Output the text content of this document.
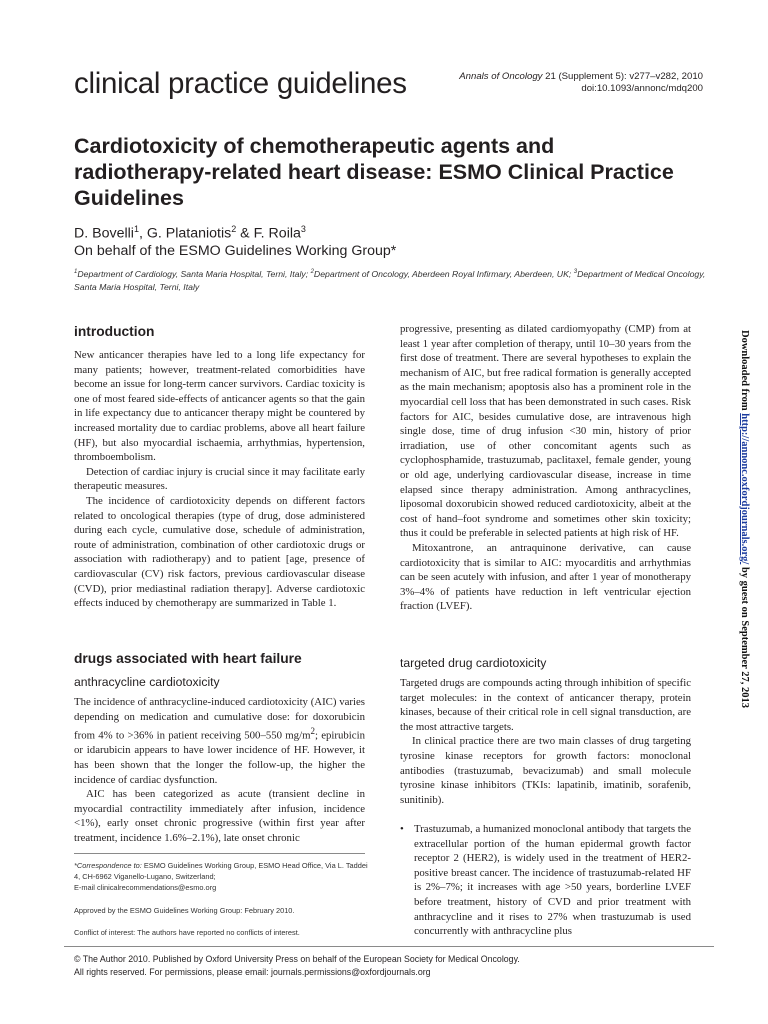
clinical practice guidelines	Annals of Oncology 21 (Supplement 5): v277–v282, 2010
doi:10.1093/annonc/mdq200
Cardiotoxicity of chemotherapeutic agents and radiotherapy-related heart disease: ESMO Clinical Practice Guidelines
D. Bovelli$^1$, G. Plataniotis$^2$ & F. Roila$^3$
On behalf of the ESMO Guidelines Working Group*
$^1$Department of Cardiology, Santa Maria Hospital, Terni, Italy; $^2$Department of Oncology, Aberdeen Royal Infirmary, Aberdeen, UK; $^3$Department of Medical Oncology, Santa Maria Hospital, Terni, Italy
introduction

New anticancer therapies have led to a long life expectancy for many patients; however, treatment-related comorbidities have become an issue for long-term cancer survivors. Cardiac toxicity is one of most feared side-effects of anticancer agents so that the gain in life expectancy due to anticancer therapy might be countered by increased mortality due to cardiac problems, above all heart failure (HF), but also myocardial ischaemia, arrhythmias, hypertension, thromboembolism.

Detection of cardiac injury is crucial since it may facilitate early therapeutic measures.

The incidence of cardiotoxicity depends on different factors related to oncological therapies (type of drug, dose administered during each cycle, cumulative dose, schedule of administration, route of administration, combination of other cardiotoxic drugs or association with radiotherapy) and to patient [age, presence of cardiovascular (CV) risk factors, previous cardiovascular disease (CVD), prior mediastinal radiation therapy]. Adverse cardiotoxic effects induced by chemotherapy are summarized in Table 1.

drugs associated with heart failure
anthracycline cardiotoxicity

The incidence of anthracycline-induced cardiotoxicity (AIC) varies depending on medication and cumulative dose: for doxorubicin from 4% to >36% in patient receiving 500–550 $mg/m^2$; epirubicin or idarubicin appears to have lower incidence of HF. However, it has been shown that the longer the follow-up, the higher the incidence of cardiac dysfunction.

AIC has been categorized as acute (transient decline in myocardial contractility immediately after infusion, incidence <1%), early onset chronic progressive (within first year after treatment, incidence 1.6%–2.1%), late onset chronic

*Correspondence to: ESMO Guidelines Working Group, ESMO Head Office, Via L. Taddei 4, CH-6962 Viganello-Lugano, Switzerland;

E-mail clinicalrecommendations@esmo.org

Approved by the ESMO Guidelines Working Group: February 2010.
Conflict of interest: The authors have reported no conflicts of interest.

progressive, presenting as dilated cardiomyopathy (CMP) from at least 1 year after completion of therapy, until 10–30 years from the first dose of treatment. There are several hypotheses to explain the mechanism of AIC, but free radical formation is generally accepted as the main mechanism; apoptosis also has a prominent role in the myocardial cell loss that has been demonstrated in such cases. Risk factors for AIC, besides cumulative dose, are intravenous high single dose, time of drug infusion <30 min, history of prior irradiation, use of other concomitant agents such as cyclophosphamide, trastuzumab, paclitaxel, female gender, young or old age, underlying cardiovascular disease, increase in time elapsed since therapy administration. Among anthracyclines, liposomal doxorubicin showed reduced cardiotoxicity, albeit at the cost of hand–foot syndrome and sometimes other skin toxicity; thus it could be preferable in selected patients at high risk of HF.

Mitoxantrone, an antraquinone derivative, can cause cardiotoxicity that is similar to AIC: myocarditis and arrhythmias can be seen acutely with infusion, and after 1 year of monotherapy 3%–4% of patients have reduction in left ventricular ejection fraction (LVEF).

targeted drug cardiotoxicity

Targeted drugs are compounds acting through inhibition of specific target molecules: in the context of anticancer therapy, protein kinases, because of their critical role in cell signal transduction, are the most attractive targets.

In clinical practice there are two main classes of drug targeting tyrosine kinase receptors for growth factors: monoclonal antibodies (trastuzumab, bevacizumab) and small molecule tyrosine kinase inhibitors (TKIs: lapatinib, imatinib, sorafenib, sunitinib).

• Trastuzumab, a humanized monoclonal antibody that targets the extracellular portion of the human epidermal growth factor receptor 2 (HER2), is widely used in the treatment of HER2-positive breast cancer. The incidence of trastuzumab-related HF is 2%–7%; it increases with age >50 years, borderline LVEF before treatment, history of CVD and prior treatment with anthracycline and it rises to 27% when trastuzumab is used concurrently with anthracycline plus
© The Author 2010. Published by Oxford University Press on behalf of the European Society for Medical Oncology.
All rights reserved. For permissions, please email: journals.permissions@oxfordjournals.org
Downloaded from http://annonc.oxfordjournals.org/ by guest on September 27, 2013
